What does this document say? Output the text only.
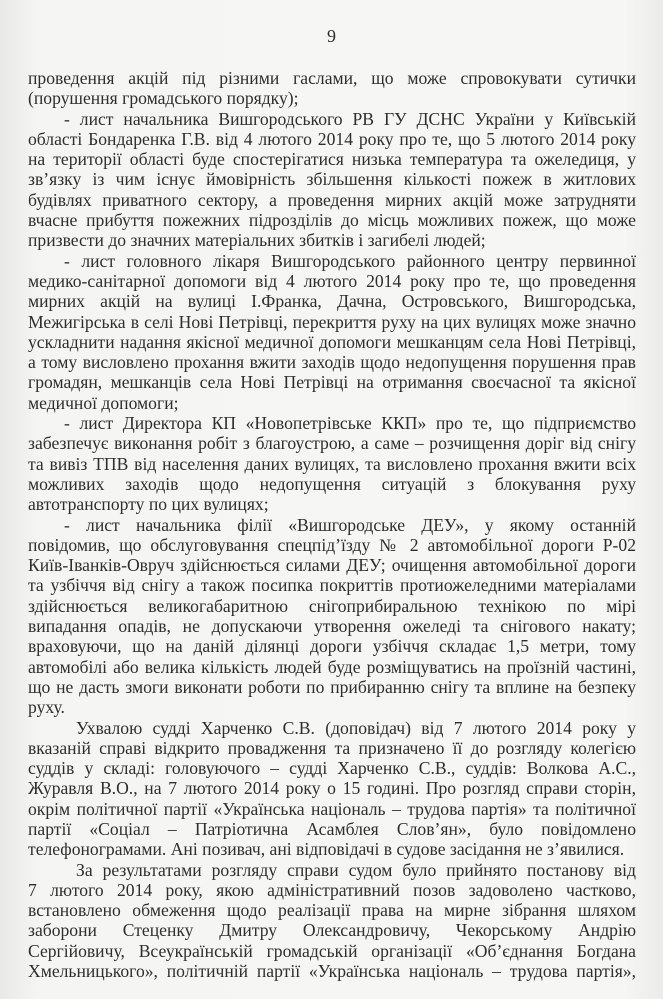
9
проведення акцій під різними гаслами, що може спровокувати сутички
(порушення громадського порядку);
- лист начальника Вишгородського РВ ГУ ДСНС України у Київській
області Бондаренка Г.В. від 4 лютого 2014 року про те, що 5 лютого 2014 року
на території області буде спостерігатися низька температура та ожеледиця, у
зв’язку із чим існує ймовірність збільшення кількості пожеж в житлових
будівлях приватного сектору, а проведення мирних акцій може затрудняти
вчасне прибуття пожежних підрозділів до місць можливих пожеж, що може
призвести до значних матеріальних збитків і загибелі людей;
- лист головного лікаря Вишгородського районного центру первинної
медико-санітарної допомоги від 4 лютого 2014 року про те, що проведення
мирних акцій на вулиці І.Франка, Дачна, Островського, Вишгородська,
Межигірська в селі Нові Петрівці, перекриття руху на цих вулицях може значно
ускладнити надання якісної медичної допомоги мешканцям села Нові Петрівці,
а тому висловлено прохання вжити заходів щодо недопущення порушення прав
громадян, мешканців села Нові Петрівці на отримання своєчасної та якісної
медичної допомоги;
- лист Директора КП «Новопетрівське ККП» про те, що підприємство
забезпечує виконання робіт з благоустрою, а саме – розчищення доріг від снігу
та вивіз ТПВ від населення даних вулицях, та висловлено прохання вжити всіх
можливих заходів щодо недопущення ситуацій з блокування руху
автотранспорту по цих вулицях;
- лист начальника філії «Вишгородське ДЕУ», у якому останній
повідомив, що обслуговування спецпід’їзду № 2 автомобільної дороги Р-02
Київ-Іванків-Овруч здійснюється силами ДЕУ; очищення автомобільної дороги
та узбіччя від снігу а також посипка покриттів протиожеледними матеріалами
здійснюється великогабаритною снігоприбиральною технікою по мірі
випадання опадів, не допускаючи утворення ожеледі та снігового накату;
враховуючи, що на даній ділянці дороги узбіччя складає 1,5 метри, тому
автомобілі або велика кількість людей буде розміщуватись на проїзній частині,
що не дасть змоги виконати роботи по прибиранню снігу та вплине на безпеку
руху.
Ухвалою судді Харченко С.В. (доповідач) від 7 лютого 2014 року у
вказаній справі відкрито провадження та призначено її до розгляду колегією
суддів у складі: головуючого – судді Харченко С.В., суддів: Волкова А.С.,
Журавля В.О., на 7 лютого 2014 року о 15 годині. Про розгляд справи сторін,
окрім політичної партії «Українська національ – трудова партія» та політичної
партії «Соціал – Патріотична Асамблея Слов’ян», було повідомлено
телефонограмами. Ані позивач, ані відповідачі в судове засідання не з’явилися.
За результатами розгляду справи судом було прийнято постанову від
7 лютого 2014 року, якою адміністративний позов задоволено частково,
встановлено обмеження щодо реалізації права на мирне зібрання шляхом
заборони Стеценку Дмитру Олександровичу, Чекорському Андрію
Сергійовичу, Всеукраїнській громадській організації «Об’єднання Богдана
Хмельницького», політичній партії «Українська національ – трудова партія»,
